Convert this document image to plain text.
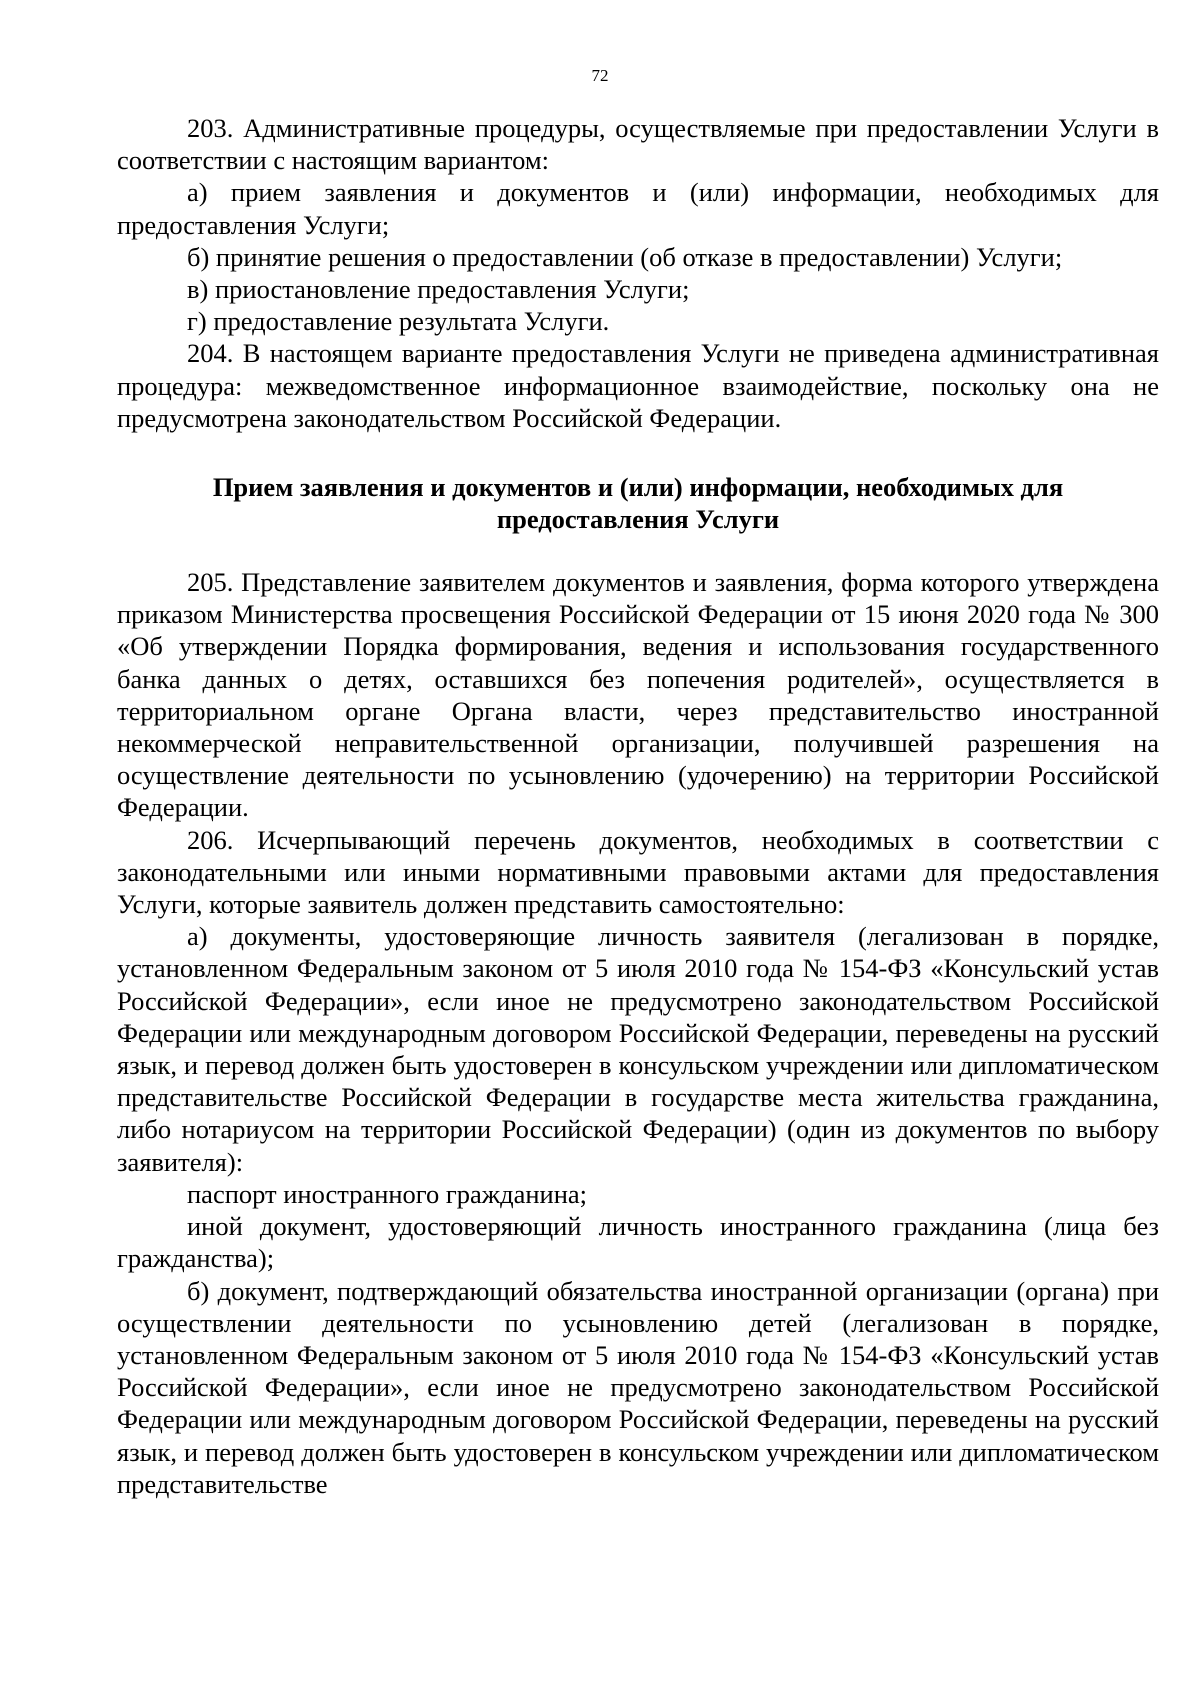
72

203. Административные процедуры, осуществляемые при предоставлении Услуги в соответствии с настоящим вариантом:

а) прием заявления и документов и (или) информации, необходимых для предоставления Услуги;

б) принятие решения о предоставлении (об отказе в предоставлении) Услуги;

в) приостановление предоставления Услуги;

г) предоставление результата Услуги.

204. В настоящем варианте предоставления Услуги не приведена административная процедура: межведомственное информационное взаимодействие, поскольку она не предусмотрена законодательством Российской Федерации.

Прием заявления и документов и (или) информации, необходимых для предоставления Услуги

205. Представление заявителем документов и заявления, форма которого утверждена приказом Министерства просвещения Российской Федерации от 15 июня 2020 года № 300 «Об утверждении Порядка формирования, ведения и использования государственного банка данных о детях, оставшихся без попечения родителей», осуществляется в территориальном органе Органа власти, через представительство иностранной некоммерческой неправительственной организации, получившей разрешения на осуществление деятельности по усыновлению (удочерению) на территории Российской Федерации.

206. Исчерпывающий перечень документов, необходимых в соответствии с законодательными или иными нормативными правовыми актами для предоставления Услуги, которые заявитель должен представить самостоятельно:

а) документы, удостоверяющие личность заявителя (легализован в порядке, установленном Федеральным законом от 5 июля 2010 года № 154-ФЗ «Консульский устав Российской Федерации», если иное не предусмотрено законодательством Российской Федерации или международным договором Российской Федерации, переведены на русский язык, и перевод должен быть удостоверен в консульском учреждении или дипломатическом представительстве Российской Федерации в государстве места жительства гражданина, либо нотариусом на территории Российской Федерации) (один из документов по выбору заявителя):

паспорт иностранного гражданина;

иной документ, удостоверяющий личность иностранного гражданина (лица без гражданства);

б) документ, подтверждающий обязательства иностранной организации (органа) при осуществлении деятельности по усыновлению детей (легализован в порядке, установленном Федеральным законом от 5 июля 2010 года № 154-ФЗ «Консульский устав Российской Федерации», если иное не предусмотрено законодательством Российской Федерации или международным договором Российской Федерации, переведены на русский язык, и перевод должен быть удостоверен в консульском учреждении или дипломатическом представительстве
